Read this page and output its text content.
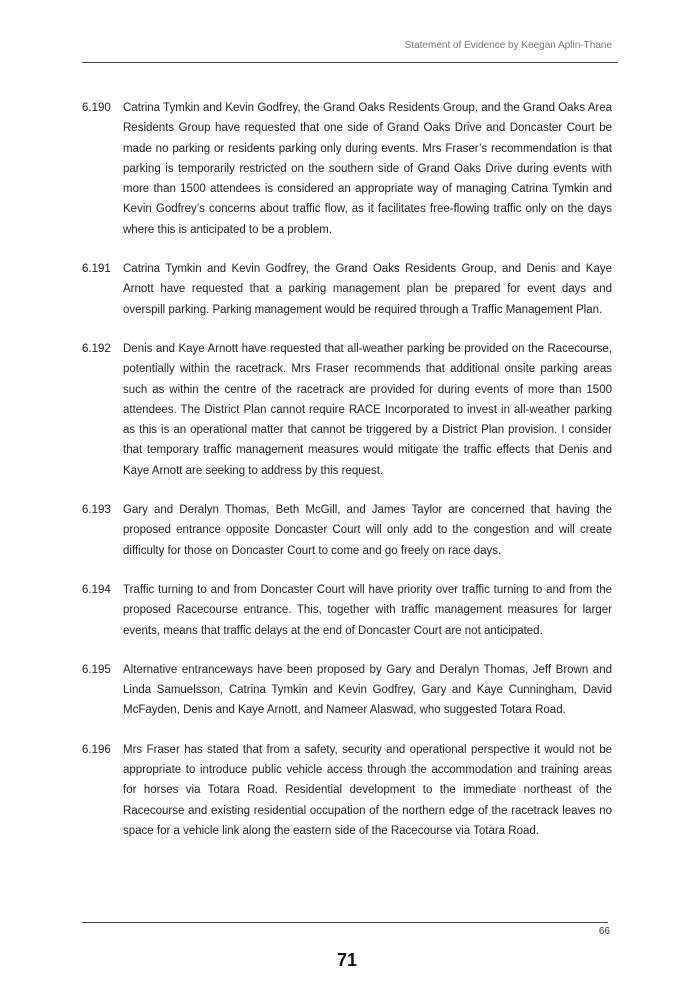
Statement of Evidence by Keegan Aplin-Thane
6.190	Catrina Tymkin and Kevin Godfrey, the Grand Oaks Residents Group, and the Grand Oaks Area Residents Group have requested that one side of Grand Oaks Drive and Doncaster Court be made no parking or residents parking only during events. Mrs Fraser’s recommendation is that parking is temporarily restricted on the southern side of Grand Oaks Drive during events with more than 1500 attendees is considered an appropriate way of managing Catrina Tymkin and Kevin Godfrey’s concerns about traffic flow, as it facilitates free-flowing traffic only on the days where this is anticipated to be a problem.
6.191	Catrina Tymkin and Kevin Godfrey, the Grand Oaks Residents Group, and Denis and Kaye Arnott have requested that a parking management plan be prepared for event days and overspill parking. Parking management would be required through a Traffic Management Plan.
6.192	Denis and Kaye Arnott have requested that all-weather parking be provided on the Racecourse, potentially within the racetrack. Mrs Fraser recommends that additional onsite parking areas such as within the centre of the racetrack are provided for during events of more than 1500 attendees. The District Plan cannot require RACE Incorporated to invest in all-weather parking as this is an operational matter that cannot be triggered by a District Plan provision. I consider that temporary traffic management measures would mitigate the traffic effects that Denis and Kaye Arnott are seeking to address by this request.
6.193	Gary and Deralyn Thomas, Beth McGill, and James Taylor are concerned that having the proposed entrance opposite Doncaster Court will only add to the congestion and will create difficulty for those on Doncaster Court to come and go freely on race days.
6.194	Traffic turning to and from Doncaster Court will have priority over traffic turning to and from the proposed Racecourse entrance. This, together with traffic management measures for larger events, means that traffic delays at the end of Doncaster Court are not anticipated.
6.195	Alternative entranceways have been proposed by Gary and Deralyn Thomas, Jeff Brown and Linda Samuelsson, Catrina Tymkin and Kevin Godfrey, Gary and Kaye Cunningham, David McFayden, Denis and Kaye Arnott, and Nameer Alaswad, who suggested Totara Road.
6.196	Mrs Fraser has stated that from a safety, security and operational perspective it would not be appropriate to introduce public vehicle access through the accommodation and training areas for horses via Totara Road. Residential development to the immediate northeast of the Racecourse and existing residential occupation of the northern edge of the racetrack leaves no space for a vehicle link along the eastern side of the Racecourse via Totara Road.
66
71
